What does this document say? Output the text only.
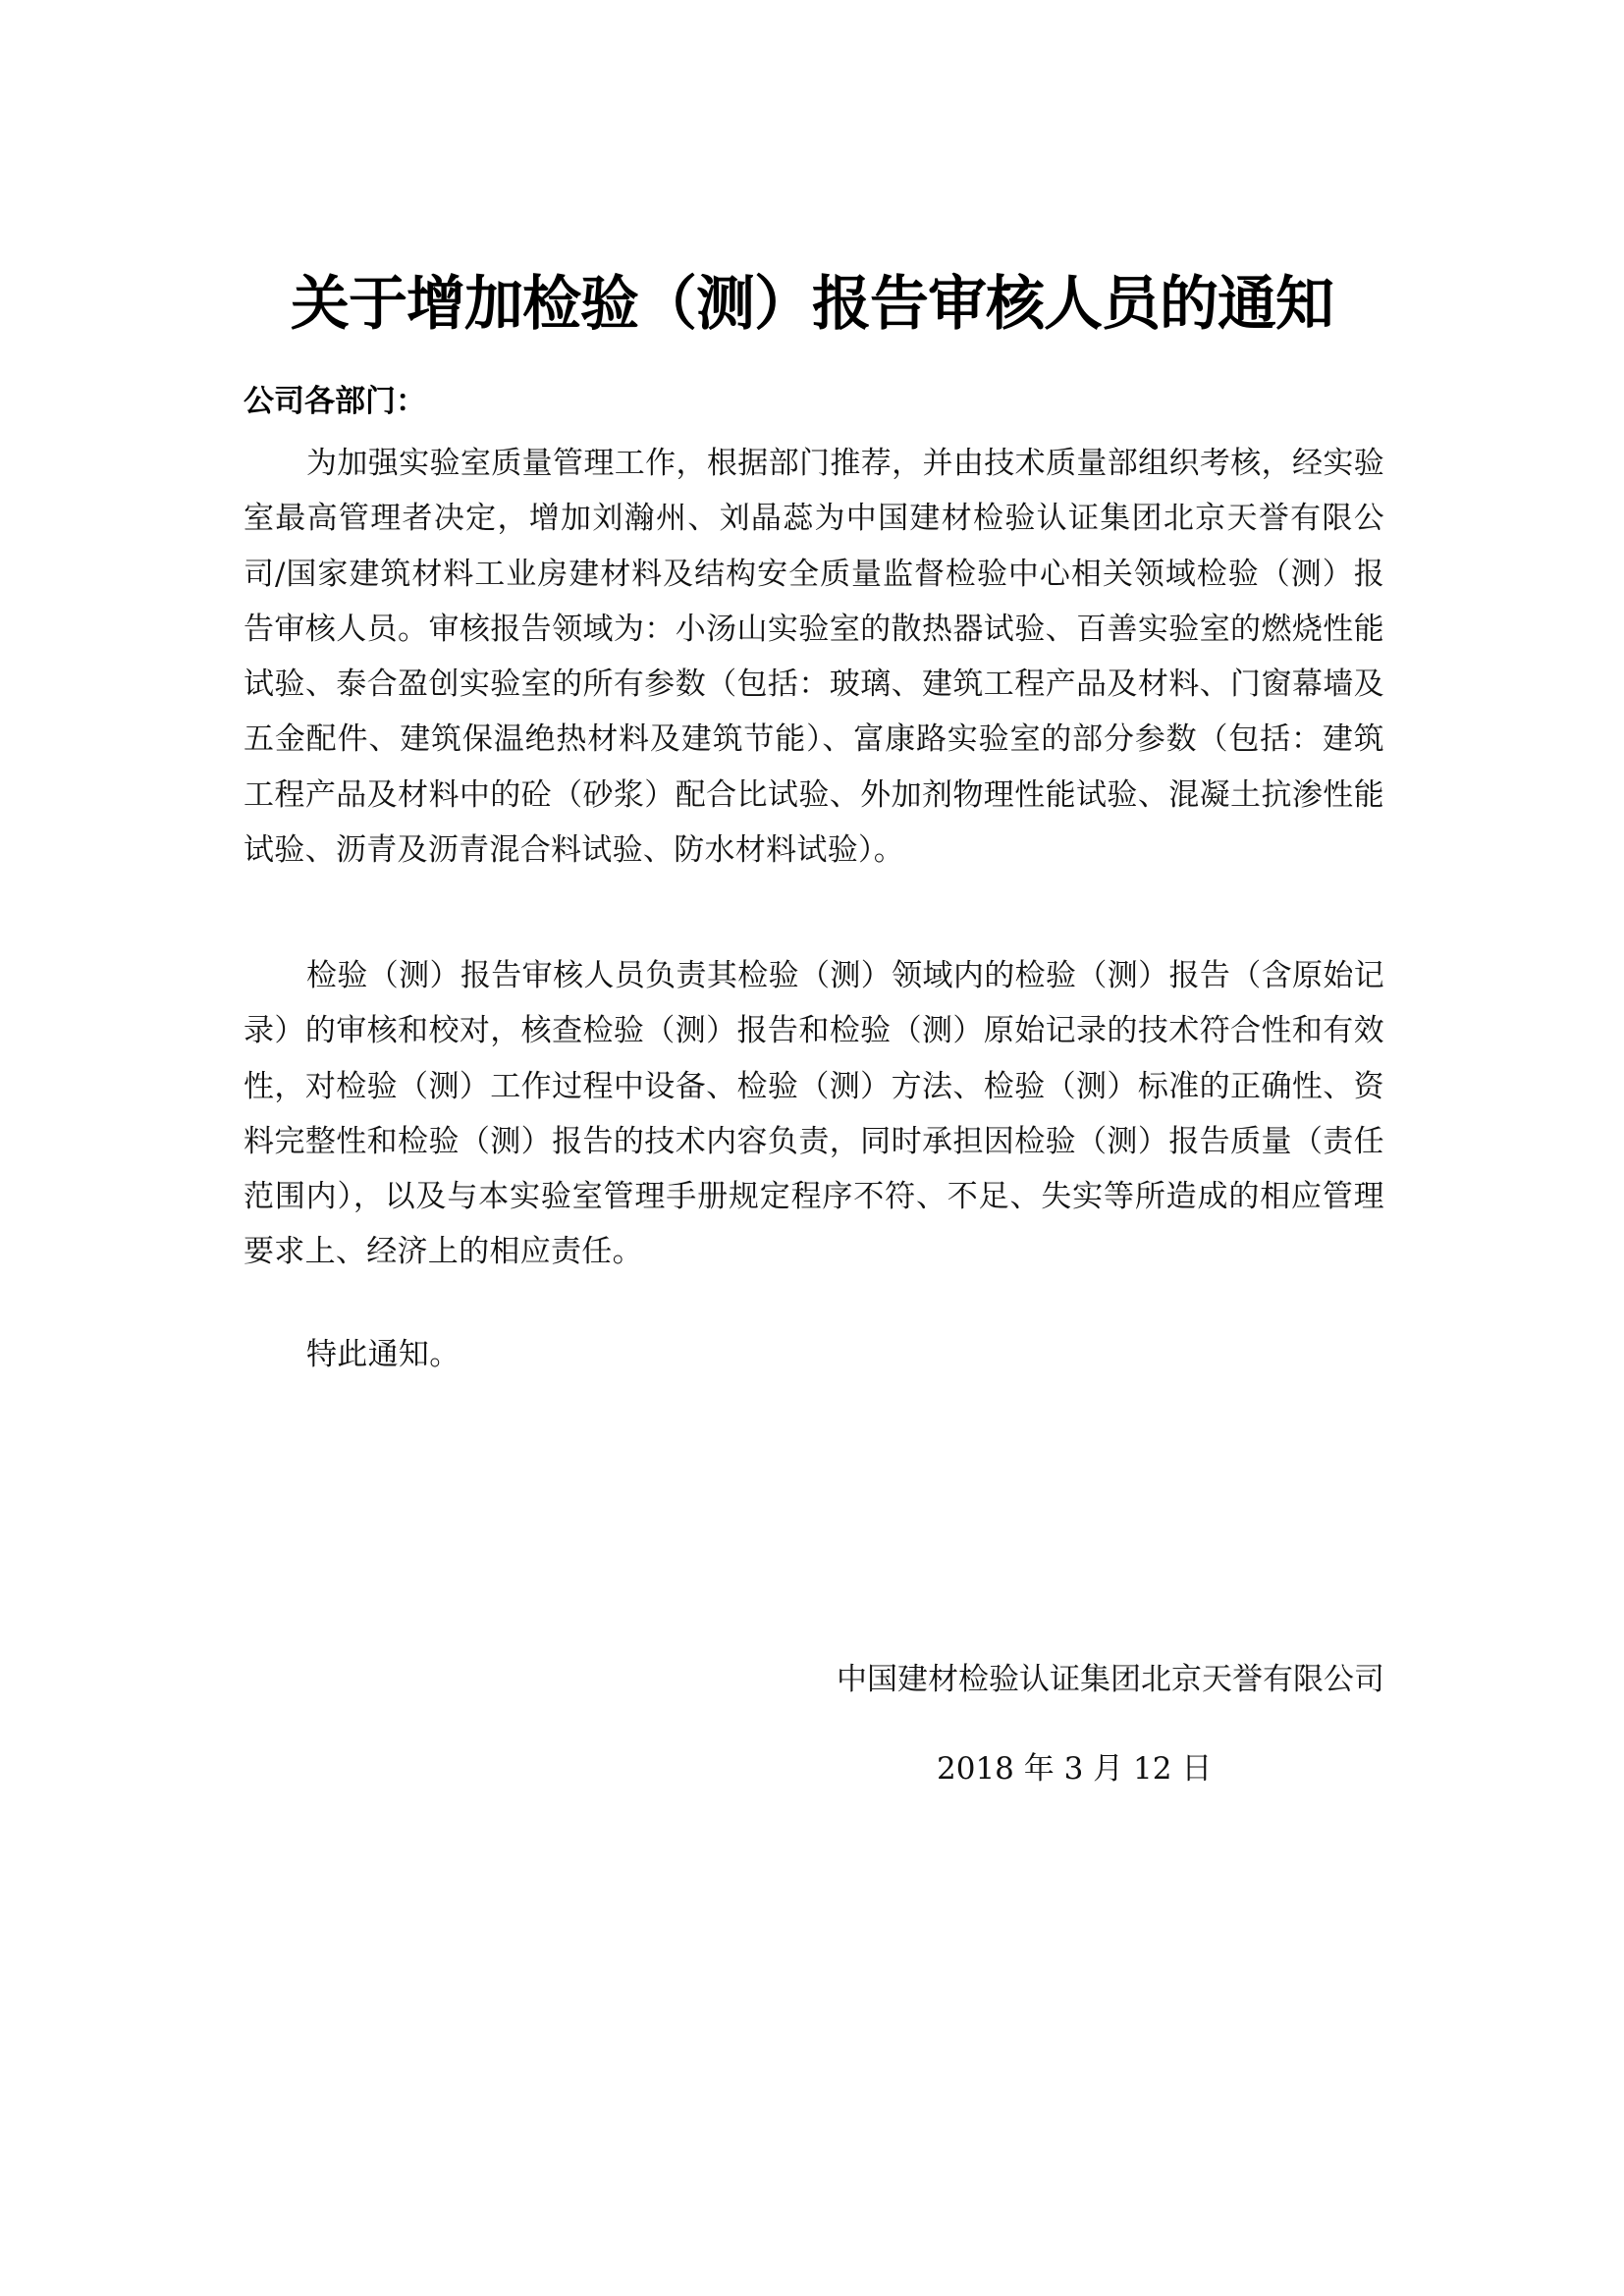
关于增加检验（测）报告审核人员的通知
公司各部门：

为加强实验室质量管理工作，根据部门推荐，并由技术质量部组织考核，经实验室最高管理者决定，增加刘瀚州、刘晶蕊为中国建材检验认证集团北京天誉有限公司/国家建筑材料工业房建材料及结构安全质量监督检验中心相关领域检验（测）报告审核人员。审核报告领域为：小汤山实验室的散热器试验、百善实验室的燃烧性能试验、泰合盈创实验室的所有参数（包括：玻璃、建筑工程产品及材料、门窗幕墙及五金配件、建筑保温绝热材料及建筑节能）、富康路实验室的部分参数（包括：建筑工程产品及材料中的砼（砂浆）配合比试验、外加剂物理性能试验、混凝土抗渗性能试验、沥青及沥青混合料试验、防水材料试验）。

检验（测）报告审核人员负责其检验（测）领域内的检验（测）报告（含原始记录）的审核和校对，核查检验（测）报告和检验（测）原始记录的技术符合性和有效性，对检验（测）工作过程中设备、检验（测）方法、检验（测）标准的正确性、资料完整性和检验（测）报告的技术内容负责，同时承担因检验（测）报告质量（责任范围内），以及与本实验室管理手册规定程序不符、不足、失实等所造成的相应管理要求上、经济上的相应责任。

特此通知。

中国建材检验认证集团北京天誉有限公司
2018 年 3 月 12 日
